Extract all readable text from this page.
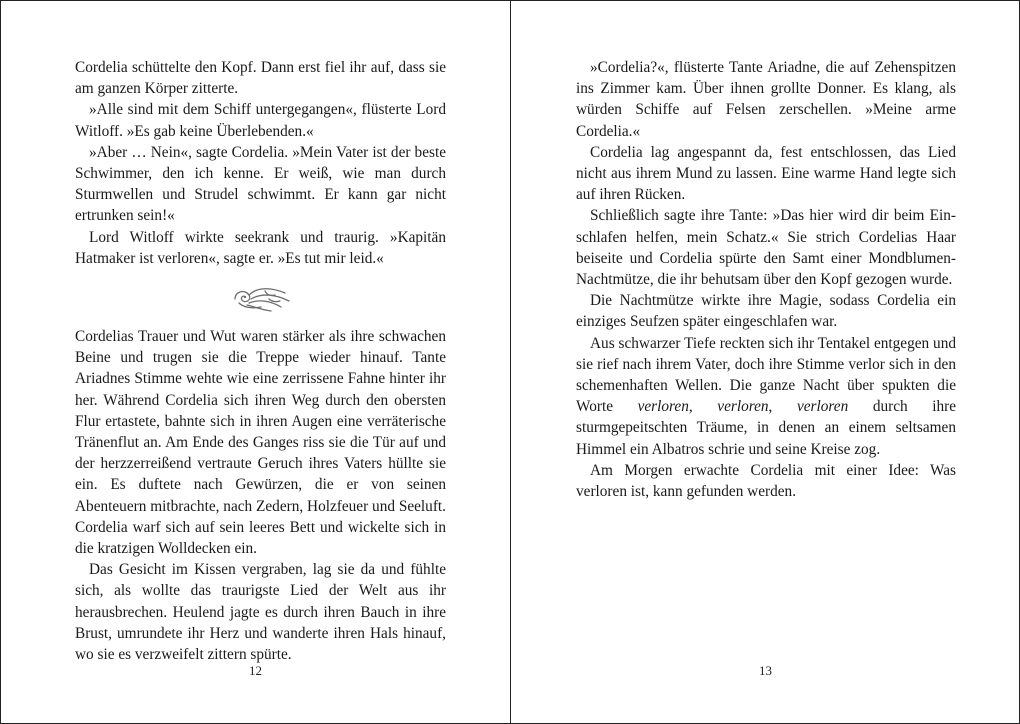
Cordelia schüttelte den Kopf. Dann erst fiel ihr auf, dass sie am ganzen Körper zitterte.

»Alle sind mit dem Schiff untergegangen«, flüsterte Lord Witloff. »Es gab keine Überlebenden.«

»Aber … Nein«, sagte Cordelia. »Mein Vater ist der beste Schwimmer, den ich kenne. Er weiß, wie man durch Sturmwellen und Strudel schwimmt. Er kann gar nicht ertrunken sein!«

Lord Witloff wirkte seekrank und traurig. »Kapitän Hatmaker ist verloren«, sagte er. »Es tut mir leid.«

Cordelias Trauer und Wut waren stärker als ihre schwachen Beine und trugen sie die Treppe wieder hinauf. Tante Ariadnes Stimme wehte wie eine zerrissene Fahne hinter ihr her. Während Cordelia sich ihren Weg durch den obersten Flur ertastete, bahnte sich in ihren Augen eine verräterische Tränenflut an. Am Ende des Ganges riss sie die Tür auf und der herzzerreißend vertraute Geruch ihres Vaters hüllte sie ein. Es duftete nach Gewürzen, die er von seinen Abenteuern mitbrachte, nach Zedern, Holzfeuer und Seeluft. Cordelia warf sich auf sein leeres Bett und wickelte sich in die kratzigen Wolldecken ein.

Das Gesicht im Kissen vergraben, lag sie da und fühlte sich, als wollte das traurigste Lied der Welt aus ihr herausbrechen. Heulend jagte es durch ihren Bauch in ihre Brust, umrundete ihr Herz und wanderte ihren Hals hinauf, wo sie es verzweifelt zittern spürte.

12

»Cordelia?«, flüsterte Tante Ariadne, die auf Zehenspitzen ins Zimmer kam. Über ihnen grollte Donner. Es klang, als würden Schiffe auf Felsen zerschellen. »Meine arme Cordelia.«

Cordelia lag angespannt da, fest entschlossen, das Lied nicht aus ihrem Mund zu lassen. Eine warme Hand legte sich auf ihren Rücken.

Schließlich sagte ihre Tante: »Das hier wird dir beim Einschlafen helfen, mein Schatz.« Sie strich Cordelias Haar beiseite und Cordelia spürte den Samt einer Mondblumen-Nachtmütze, die ihr behutsam über den Kopf gezogen wurde.

Die Nachtmütze wirkte ihre Magie, sodass Cordelia ein einziges Seufzen später eingeschlafen war.

Aus schwarzer Tiefe reckten sich ihr Tentakel entgegen und sie rief nach ihrem Vater, doch ihre Stimme verlor sich in den schemenhaften Wellen. Die ganze Nacht über spukten die Worte verloren, verloren, verloren durch ihre sturmgepeitschten Träume, in denen an einem seltsamen Himmel ein Albatros schrie und seine Kreise zog.

Am Morgen erwachte Cordelia mit einer Idee: Was verloren ist, kann gefunden werden.

13
